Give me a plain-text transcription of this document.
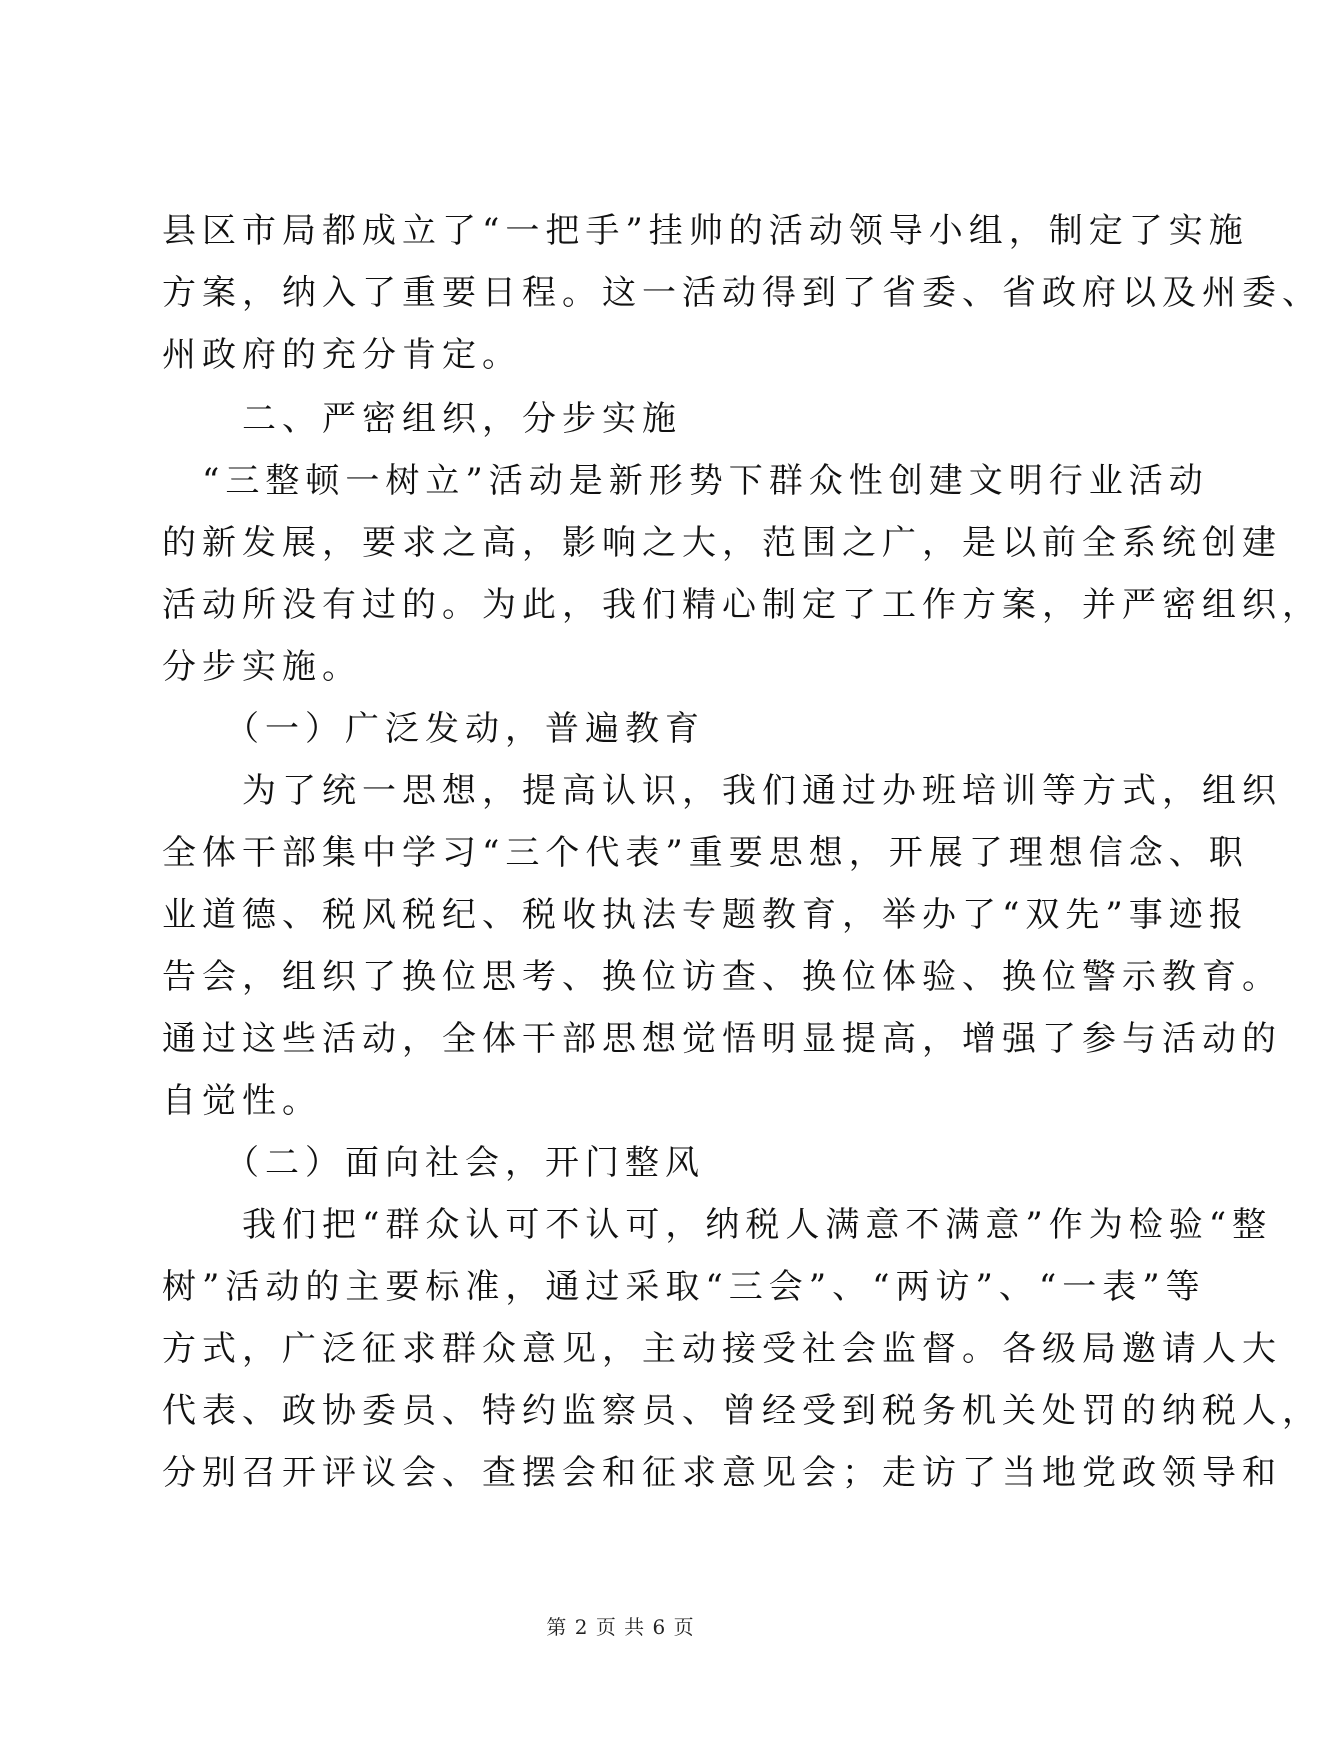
县区市局都成立了“一把手”挂帅的活动领导小组，制定了实施
方案，纳入了重要日程。这一活动得到了省委、省政府以及州委、
州政府的充分肯定。
　　二、严密组织，分步实施
　“三整顿一树立”活动是新形势下群众性创建文明行业活动
的新发展，要求之高，影响之大，范围之广，是以前全系统创建
活动所没有过的。为此，我们精心制定了工作方案，并严密组织，
分步实施。
　　（一）广泛发动，普遍教育
　　为了统一思想，提高认识，我们通过办班培训等方式，组织
全体干部集中学习“三个代表”重要思想，开展了理想信念、职
业道德、税风税纪、税收执法专题教育，举办了“双先”事迹报
告会，组织了换位思考、换位访查、换位体验、换位警示教育。
通过这些活动，全体干部思想觉悟明显提高，增强了参与活动的
自觉性。
　　（二）面向社会，开门整风
　　我们把“群众认可不认可，纳税人满意不满意”作为检验“整
树”活动的主要标准，通过采取“三会”、“两访”、“一表”等
方式，广泛征求群众意见，主动接受社会监督。各级局邀请人大
代表、政协委员、特约监察员、曾经受到税务机关处罚的纳税人，
分别召开评议会、查摆会和征求意见会；走访了当地党政领导和
第 2 页 共 6 页
